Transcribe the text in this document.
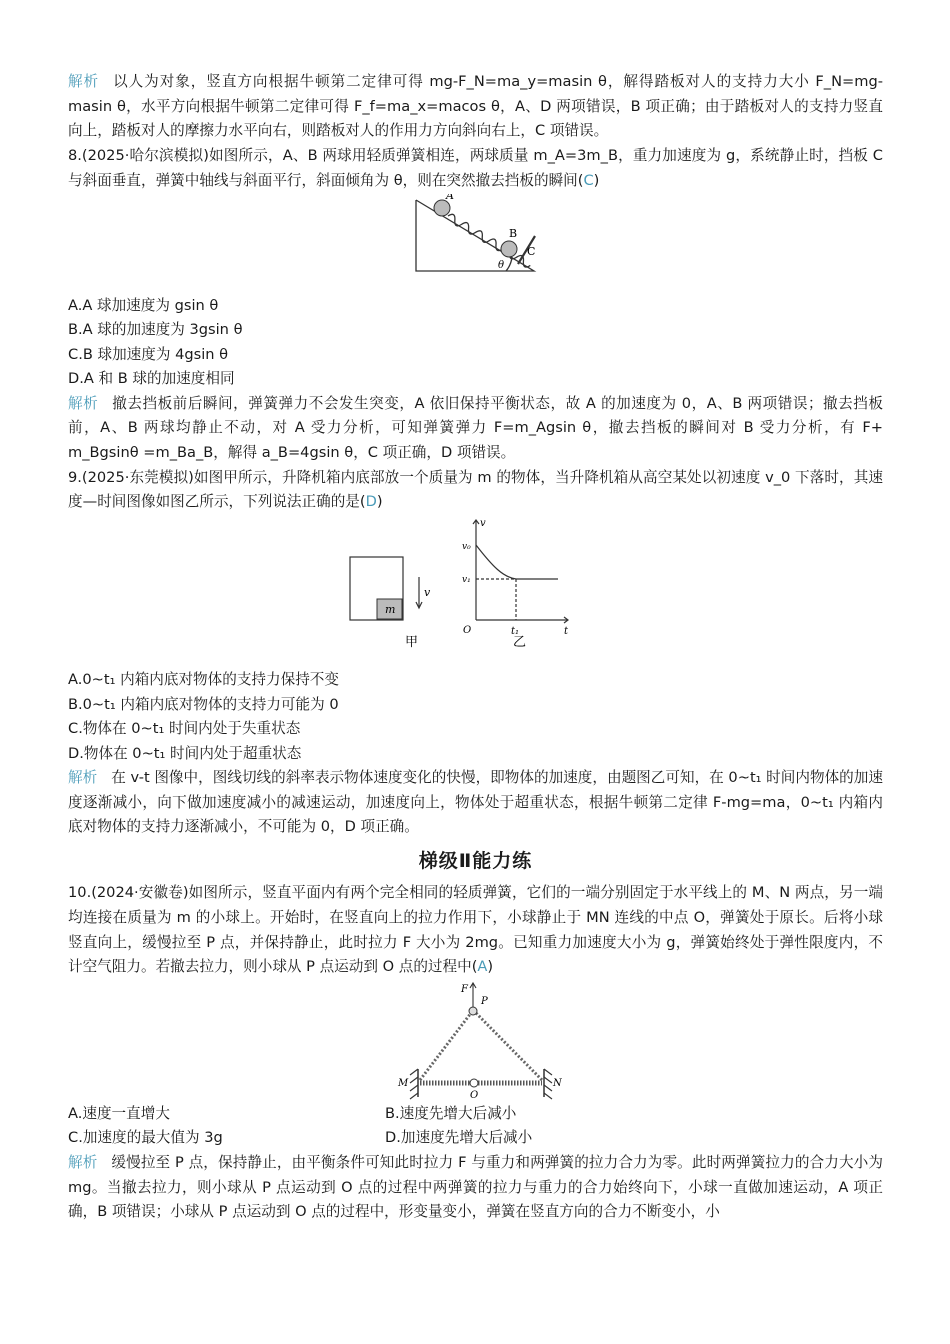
解析 以人为对象，竖直方向根据牛顿第二定律可得 mg-F_N=ma_y=masin θ，解得踏板对人的支持力大小 F_N=mg-masin θ，水平方向根据牛顿第二定律可得 F_f=ma_x=macos θ，A、D 两项错误，B 项正确；由于踏板对人的支持力竖直向上，踏板对人的摩擦力水平向右，则踏板对人的作用力方向斜向右上，C 项错误。

8.(2025·哈尔滨模拟)如图所示，A、B 两球用轻质弹簧相连，两球质量 m_A=3m_B，重力加速度为 g，系统静止时，挡板 C 与斜面垂直，弹簧中轴线与斜面平行，斜面倾角为 θ，则在突然撤去挡板的瞬间(C)

A
B
C
θ

A.A 球加速度为 gsin θ

B.A 球的加速度为 3gsin θ

C.B 球加速度为 4gsin θ

D.A 和 B 球的加速度相同

解析 撤去挡板前后瞬间，弹簧弹力不会发生突变，A 依旧保持平衡状态，故 A 的加速度为 0，A、B 两项错误；撤去挡板前，A、B 两球均静止不动，对 A 受力分析，可知弹簧弹力 F=m_Agsin θ，撤去挡板的瞬间对 B 受力分析，有 F+ m_Bgsinθ =m_Ba_B，解得 a_B=4gsin θ，C 项正确，D 项错误。

9.(2025·东莞模拟)如图甲所示，升降机箱内底部放一个质量为 m 的物体，当升降机箱从高空某处以初速度 v_0 下落时，其速度—时间图像如图乙所示，下列说法正确的是(D)

m
v
甲
v
v₀
v₁
O	t₁	t
乙

A.0~t₁ 内箱内底对物体的支持力保持不变

B.0~t₁ 内箱内底对物体的支持力可能为 0

C.物体在 0~t₁ 时间内处于失重状态

D.物体在 0~t₁ 时间内处于超重状态

解析 在 v-t 图像中，图线切线的斜率表示物体速度变化的快慢，即物体的加速度，由题图乙可知，在 0~t₁ 时间内物体的加速度逐渐减小，向下做加速度减小的减速运动，加速度向上，物体处于超重状态，根据牛顿第二定律 F-mg=ma，0~t₁ 内箱内底对物体的支持力逐渐减小，不可能为 0，D 项正确。

梯级Ⅱ能力练

10.(2024·安徽卷)如图所示，竖直平面内有两个完全相同的轻质弹簧，它们的一端分别固定于水平线上的 M、N 两点，另一端均连接在质量为 m 的小球上。开始时，在竖直向上的拉力作用下，小球静止于 MN 连线的中点 O，弹簧处于原长。后将小球竖直向上，缓慢拉至 P 点，并保持静止，此时拉力 F 大小为 2mg。已知重力加速度大小为 g，弹簧始终处于弹性限度内，不计空气阻力。若撤去拉力，则小球从 P 点运动到 O 点的过程中(A)

F
P
M	N
O

A.速度一直增大	B.速度先增大后减小

C.加速度的最大值为 3g	D.加速度先增大后减小

解析 缓慢拉至 P 点，保持静止，由平衡条件可知此时拉力 F 与重力和两弹簧的拉力合力为零。此时两弹簧拉力的合力大小为 mg。当撤去拉力，则小球从 P 点运动到 O 点的过程中两弹簧的拉力与重力的合力始终向下，小球一直做加速运动，A 项正确，B 项错误；小球从 P 点运动到 O 点的过程中，形变量变小，弹簧在竖直方向的合力不断变小，小
